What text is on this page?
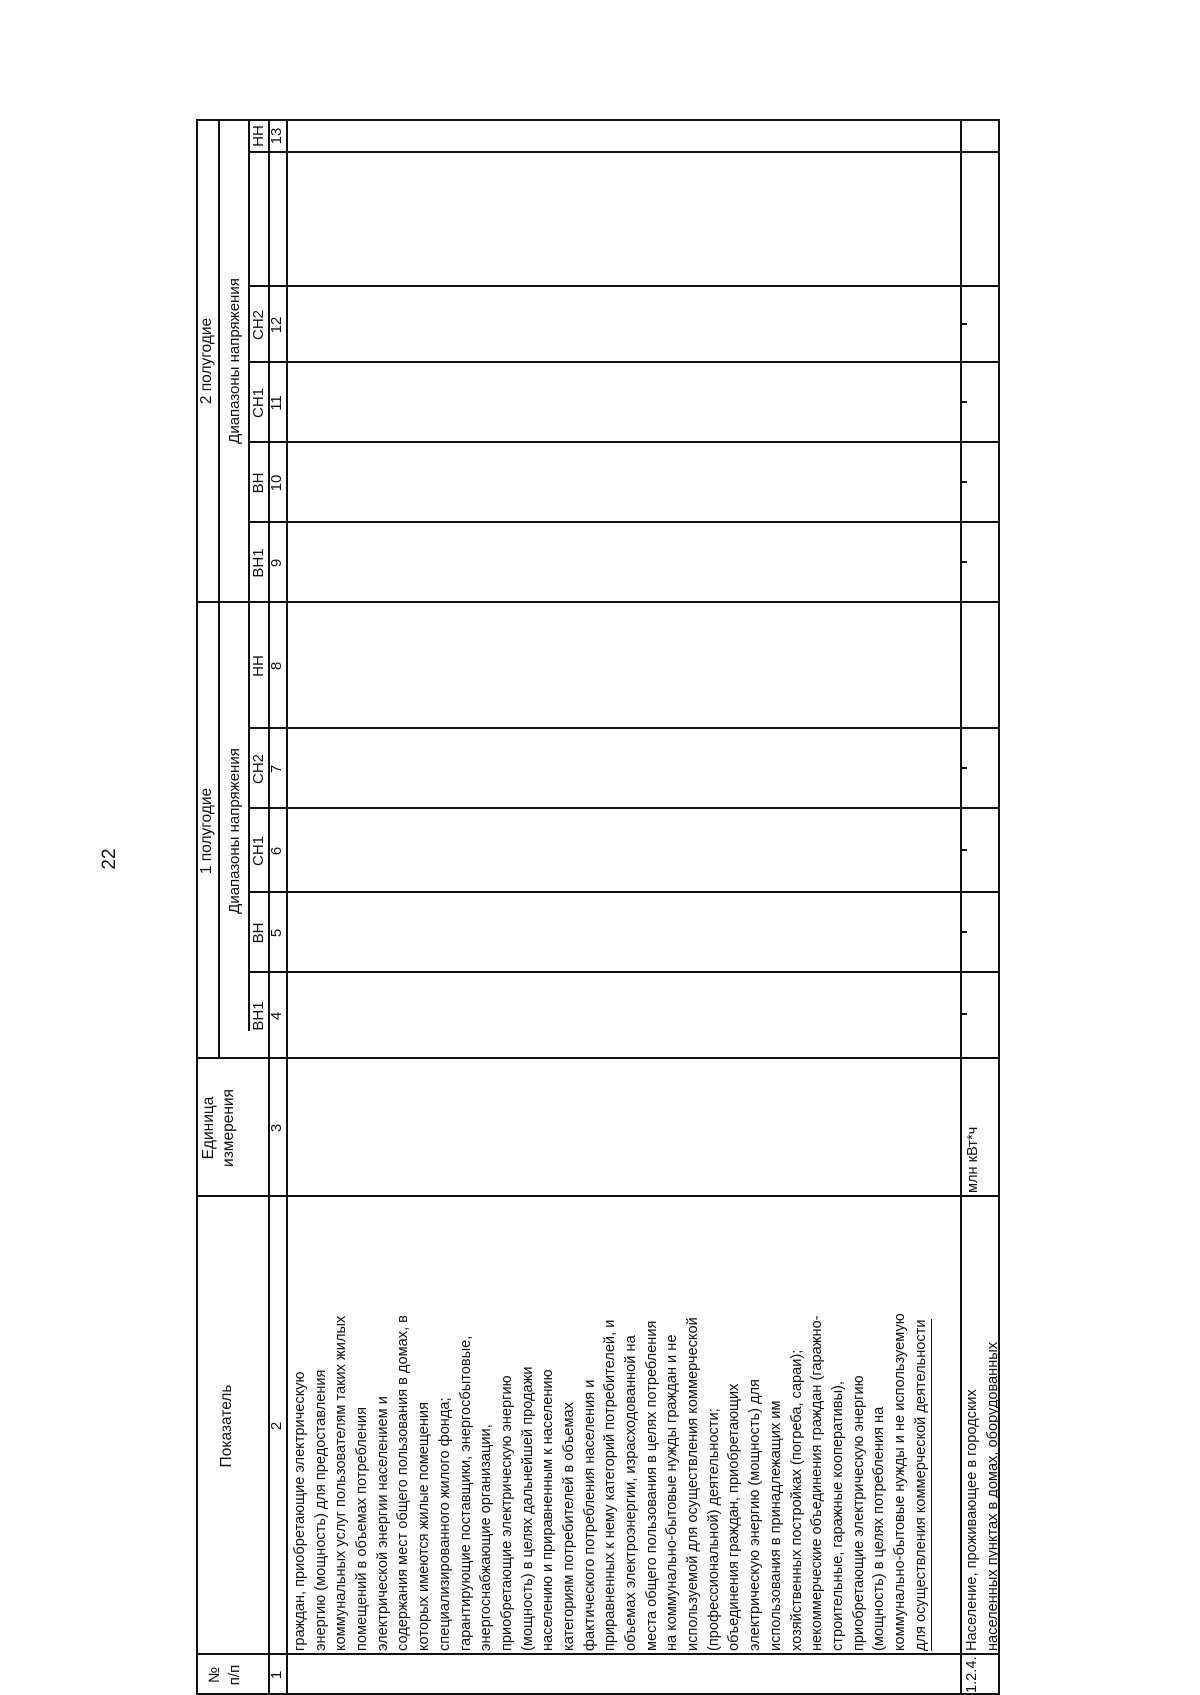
22
№ п/п
Показатель
Единица измерения
1 полугодие Диапазоны напряжения
2 полугодие Диапазоны напряжения
ВН1
ВН
СН1
СН2
НН
ВН1
ВН
СН1
СН2
НН
1
2
3
4
5
6
7
8
9
10
11
12
13
граждан, приобретающие электрическую энергию (мощность) для предоставления коммунальных услуг пользователям таких жилых помещений в объемах потребления электрической энергии населением и содержания мест общего пользования в домах, в которых имеются жилые помещения специализированного жилого фонда; гарантирующие поставщики, энергосбытовые, энергоснабжающие организации, приобретающие электрическую энергию (мощность) в целях дальнейшей продажи населению и приравненным к населению категориям потребителей в объемах фактического потребления населения и приравненных к нему категорий потребителей, и объемах электроэнергии, израсходованной на места общего пользования в целях потребления на коммунально-бытовые нужды граждан и не используемой для осуществления коммерческой (профессиональной) деятельности; объединения граждан, приобретающих электрическую энергию (мощность) для использования в принадлежащих им хозяйственных постройках (погреба, сараи); некоммерческие объединения граждан (гаражно- строительные, гаражные кооперативы), приобретающие электрическую энергию (мощность) в целях потребления на коммунально-бытовые нужды и не используемую для осуществления коммерческой деятельности
1.2.4.
Население, проживающее в городских населенных пунктах в домах, оборудованных
млн кВт*ч
